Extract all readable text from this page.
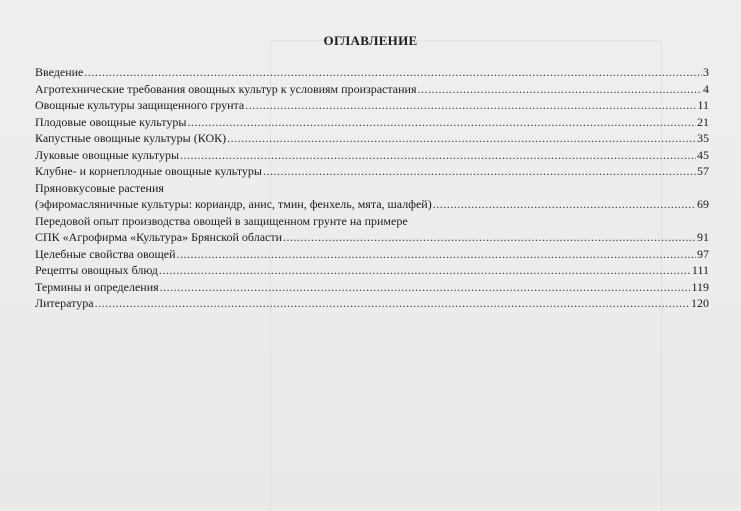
ОГЛАВЛЕНИЕ
Введение .....	3
Агротехнические требования овощных культур к условиям произрастания .....	4
Овощные культуры защищенного грунта .....	11
Плодовые овощные культуры .....	21
Капустные овощные культуры (КОК) .....	35
Луковые овощные культуры .....	45
Клубне- и корнеплодные овощные культуры .....	57
Пряновкусовые растения
(эфиромасляничные культуры: кориандр, анис, тмин, фенхель, мята, шалфей) .....	69
Передовой опыт производства овощей в защищенном грунте на примере
СПК «Агрофирма «Культура» Брянской области .....	91
Целебные свойства овощей .....	97
Рецепты овощных блюд .....	111
Термины и определения .....	119
Литература .....	120
